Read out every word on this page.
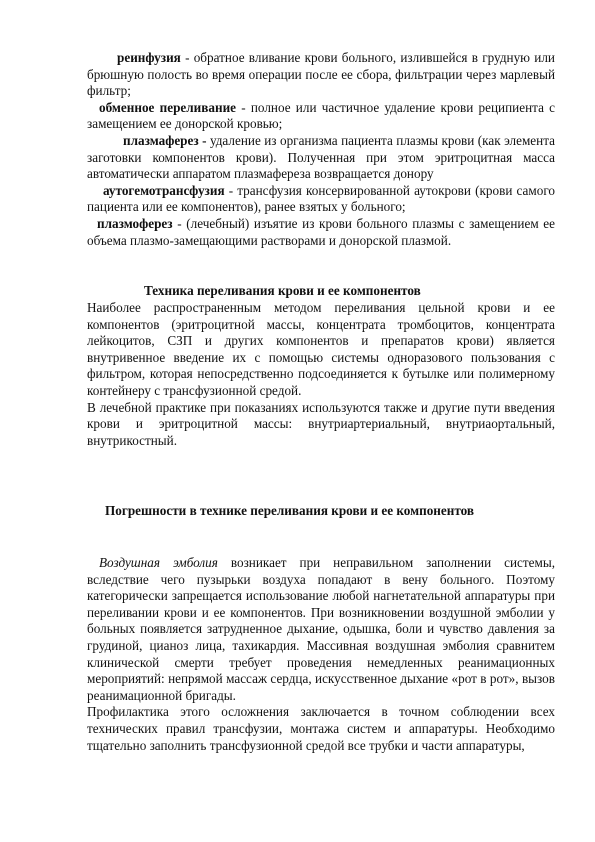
реинфузия - обратное вливание крови больного, излившейся в грудную или брюшную полость во время операции после ее сбора, фильтрации через марлевый фильтр;

обменное переливание - полное или частичное удаление крови реципиента с замещением ее донорской кровью;

плазмаферез - удаление из организма пациента плазмы крови (как элемента заготовки компонентов крови). Полученная при этом эритроцитная масса автоматически аппаратом плазмафереза возвращается донору

аутогемотрансфузия - трансфузия консервированной аутокрови (крови самого пациента или ее компонентов), ранее взятых у больного;

плазмоферез - (лечебный) изъятие из крови больного плазмы с замещением ее объема плазмо-замещающими растворами и донорской плазмой.

Техника переливания крови и ее компонентов

Наиболее распространенным методом переливания цельной крови и ее компонентов (эритроцитной массы, концентрата тромбоцитов, концентрата лейкоцитов, СЗП и других компонентов и препаратов крови) является внутривенное введение их с помощью системы одноразового пользования с фильтром, которая непосредственно подсоединяется к бутылке или полимерному контейнеру с трансфузионной средой.

В лечебной практике при показаниях используются также и другие пути введения крови и эритроцитной массы: внутриартериальный, внутриаортальный, внутрикостный.

Погрешности в технике переливания крови и ее компонентов

Воздушная эмболия возникает при неправильном заполнении системы, вследствие чего пузырьки воздуха попадают в вену больного. Поэтому категорически запрещается использование любой нагнетательной аппаратуры при переливании крови и ее компонентов. При возникновении воздушной эмболии у больных появляется затрудненное дыхание, одышка, боли и чувство давления за грудиной, цианоз лица, тахикардия. Массивная воздушная эмболия сравнитем клинической смерти требует проведения немедленных реанимационных мероприятий: непрямой массаж сердца, искусственное дыхание «рот в рот», вызов реанимационной бригады.

Профилактика этого осложнения заключается в точном соблюдении всех технических правил трансфузии, монтажа систем и аппаратуры. Необходимо тщательно заполнить трансфузионной средой все трубки и части аппаратуры,
